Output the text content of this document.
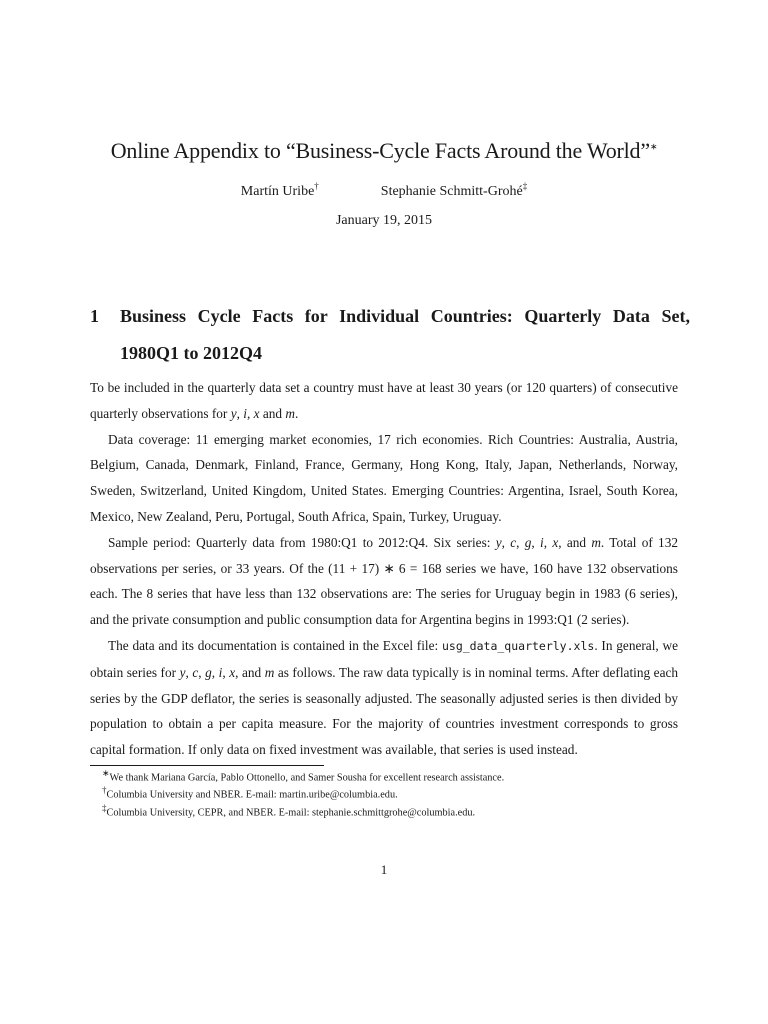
Online Appendix to “Business-Cycle Facts Around the World”∗
Martín Uribe†	Stephanie Schmitt-Grohé‡
January 19, 2015
1	Business Cycle Facts for Individual Countries: Quarterly Data Set, 1980Q1 to 2012Q4

To be included in the quarterly data set a country must have at least 30 years (or 120 quarters) of consecutive quarterly observations for y, i, x and m.

Data coverage: 11 emerging market economies, 17 rich economies. Rich Countries: Australia, Austria, Belgium, Canada, Denmark, Finland, France, Germany, Hong Kong, Italy, Japan, Netherlands, Norway, Sweden, Switzerland, United Kingdom, United States. Emerging Countries: Argentina, Israel, South Korea, Mexico, New Zealand, Peru, Portugal, South Africa, Spain, Turkey, Uruguay.

Sample period: Quarterly data from 1980:Q1 to 2012:Q4. Six series: y, c, g, i, x, and m. Total of 132 observations per series, or 33 years. Of the (11 + 17) ∗ 6 = 168 series we have, 160 have 132 observations each. The 8 series that have less than 132 observations are: The series for Uruguay begin in 1983 (6 series), and the private consumption and public consumption data for Argentina begins in 1993:Q1 (2 series).

The data and its documentation is contained in the Excel file: usg_data_quarterly.xls. In general, we obtain series for y, c, g, i, x, and m as follows. The raw data typically is in nominal terms. After deflating each series by the GDP deflator, the series is seasonally adjusted. The seasonally adjusted series is then divided by population to obtain a per capita measure. For the majority of countries investment corresponds to gross capital formation. If only data on fixed investment was available, that series is used instead.

∗We thank Mariana García, Pablo Ottonello, and Samer Sousha for excellent research assistance.

†Columbia University and NBER. E-mail: martin.uribe@columbia.edu.

‡Columbia University, CEPR, and NBER. E-mail: stephanie.schmittgrohe@columbia.edu.

1
